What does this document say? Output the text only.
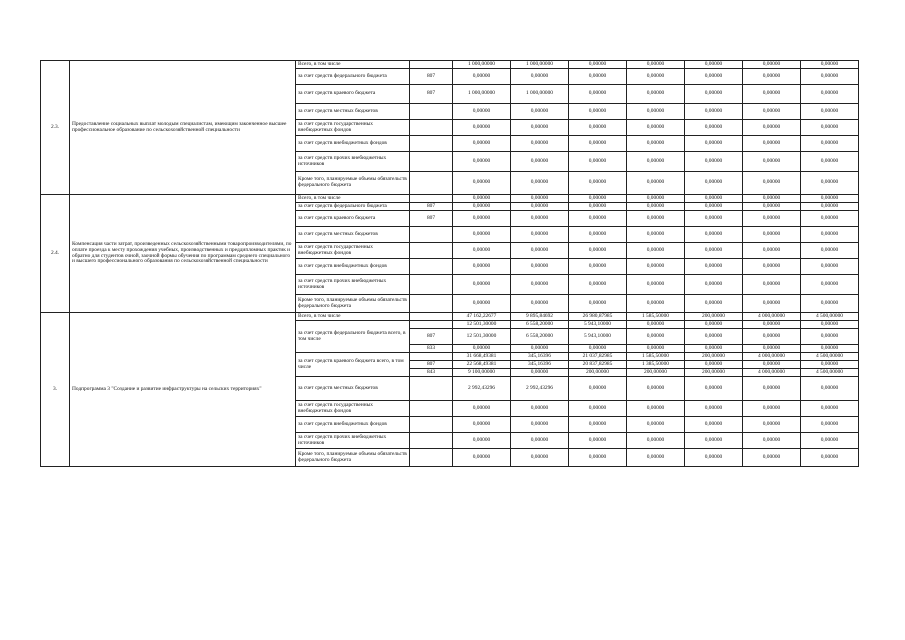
2.3.	Предоставление социальных выплат молодым специалистам, имеющим законченное высшее профессиональное образование по сельскохозяйственной специальности	Всего, в том числе		1 000,00000	1 000,00000	0,00000	0,00000	0,00000	0,00000	0,00000
		за счет средств федерального бюджета	807	0,00000	0,00000	0,00000	0,00000	0,00000	0,00000	0,00000
		за счет средств краевого бюджета	807	1 000,00000	1 000,00000	0,00000	0,00000	0,00000	0,00000	0,00000
		за счет средств местных бюджетов		0,00000	0,00000	0,00000	0,00000	0,00000	0,00000	0,00000
		за счет средств государственных внебюджетных фондов		0,00000	0,00000	0,00000	0,00000	0,00000	0,00000	0,00000
		за счет средств внебюджетных фондов		0,00000	0,00000	0,00000	0,00000	0,00000	0,00000	0,00000
		за счет средств прочих внебюджетных источников		0,00000	0,00000	0,00000	0,00000	0,00000	0,00000	0,00000
		Кроме того, планируемые объемы обязательств федерального бюджета		0,00000	0,00000	0,00000	0,00000	0,00000	0,00000	0,00000
2.4.	Компенсация части затрат, произведенных сельскохозяйственными товаропроизводителями, по оплате проезда к месту прохождения учебных, производственных и преддипломных практик и обратно для студентов очной, заочной формы обучения по программам среднего специального и высшего профессионального образования по сельскохозяйственной специальности	Всего, в том числе		0,00000	0,00000	0,00000	0,00000	0,00000	0,00000	0,00000
		за счет средств федерального бюджета	807	0,00000	0,00000	0,00000	0,00000	0,00000	0,00000	0,00000
		за счет средств краевого бюджета	807	0,00000	0,00000	0,00000	0,00000	0,00000	0,00000	0,00000
		за счет средств местных бюджетов		0,00000	0,00000	0,00000	0,00000	0,00000	0,00000	0,00000
		за счет средств государственных внебюджетных фондов		0,00000	0,00000	0,00000	0,00000	0,00000	0,00000	0,00000
		за счет средств внебюджетных фондов		0,00000	0,00000	0,00000	0,00000	0,00000	0,00000	0,00000
		за счет средств прочих внебюджетных источников		0,00000	0,00000	0,00000	0,00000	0,00000	0,00000	0,00000
		Кроме того, планируемые объемы обязательств федерального бюджета		0,00000	0,00000	0,00000	0,00000	0,00000	0,00000	0,00000
3.	Подпрограмма 3 "Создание и развитие инфраструктуры на сельских территориях"	Всего, в том числе		47 162,22677	9 895,84692	26 980,87985	1 585,50000	200,00000	4 000,00000	4 500,00000
		за счет средств федерального бюджета всего, в том числе		12 501,30000	6 558,20000	5 943,10000	0,00000	0,00000	0,00000	0,00000
			807	12 501,30000	6 558,20000	5 943,10000	0,00000	0,00000	0,00000	0,00000
			833	0,00000	0,00000	0,00000	0,00000	0,00000	0,00000	0,00000
		за счет средств краевого бюджета всего, в том числе		31 668,49381	345,16396	21 037,82985	1 585,50000	200,00000	4 000,00000	4 500,00000
			807	22 568,49381	345,16396	20 837,82985	1 385,50000	0,00000	0,00000	0,00000
			843	9 100,00000	0,00000	200,00000	200,00000	200,00000	4 000,00000	4 500,00000
		за счет средств местных бюджетов		2 992,43296	2 992,43296	0,00000	0,00000	0,00000	0,00000	0,00000
		за счет средств государственных внебюджетных фондов		0,00000	0,00000	0,00000	0,00000	0,00000	0,00000	0,00000
		за счет средств внебюджетных фондов		0,00000	0,00000	0,00000	0,00000	0,00000	0,00000	0,00000
		за счет средств прочих внебюджетных источников		0,00000	0,00000	0,00000	0,00000	0,00000	0,00000	0,00000
		Кроме того, планируемые объемы обязательств федерального бюджета		0,00000	0,00000	0,00000	0,00000	0,00000	0,00000	0,00000
